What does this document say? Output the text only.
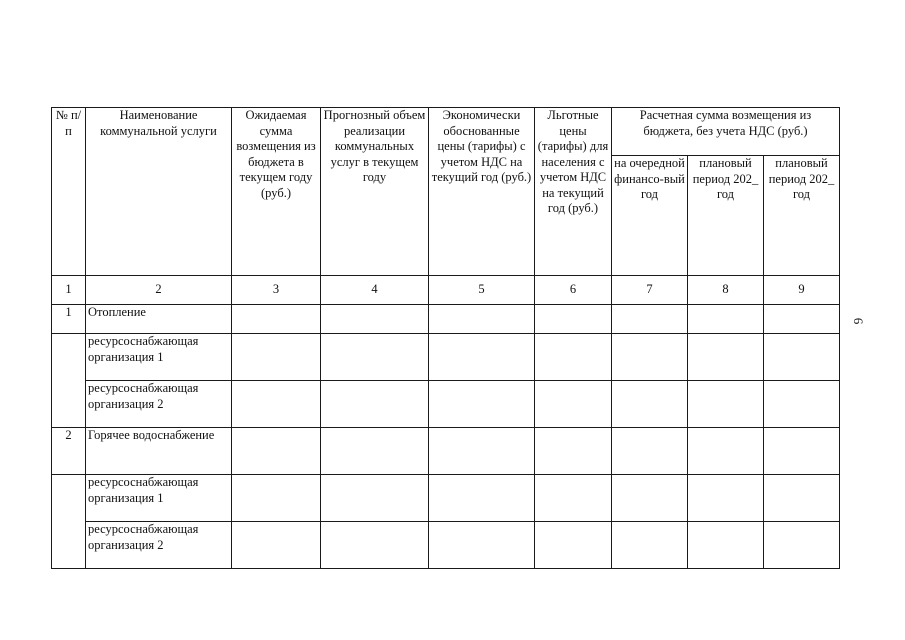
№ п/п	Наименование коммунальной услуги	Ожидаемая сумма возмещения из бюджета в текущем году (руб.)	Прогнозный объем реализации коммунальных услуг в текущем году	Экономически обоснованные цены (тарифы) с учетом НДС на текущий год (руб.)	Льготные цены (тарифы) для населения с учетом НДС на текущий год (руб.)	Расчетная сумма возмещения из бюджета, без учета НДС (руб.)		
						на очередной финансо-вый год	плановый период 202_ год	плановый период 202_ год
1	2	3	4	5	6	7	8	9
1	Отопление							
	ресурсоснабжающая организация 1							
	ресурсоснабжающая организация 2							
2	Горячее водоснабжение							
	ресурсоснабжающая организация 1							
	ресурсоснабжающая организация 2							
6
